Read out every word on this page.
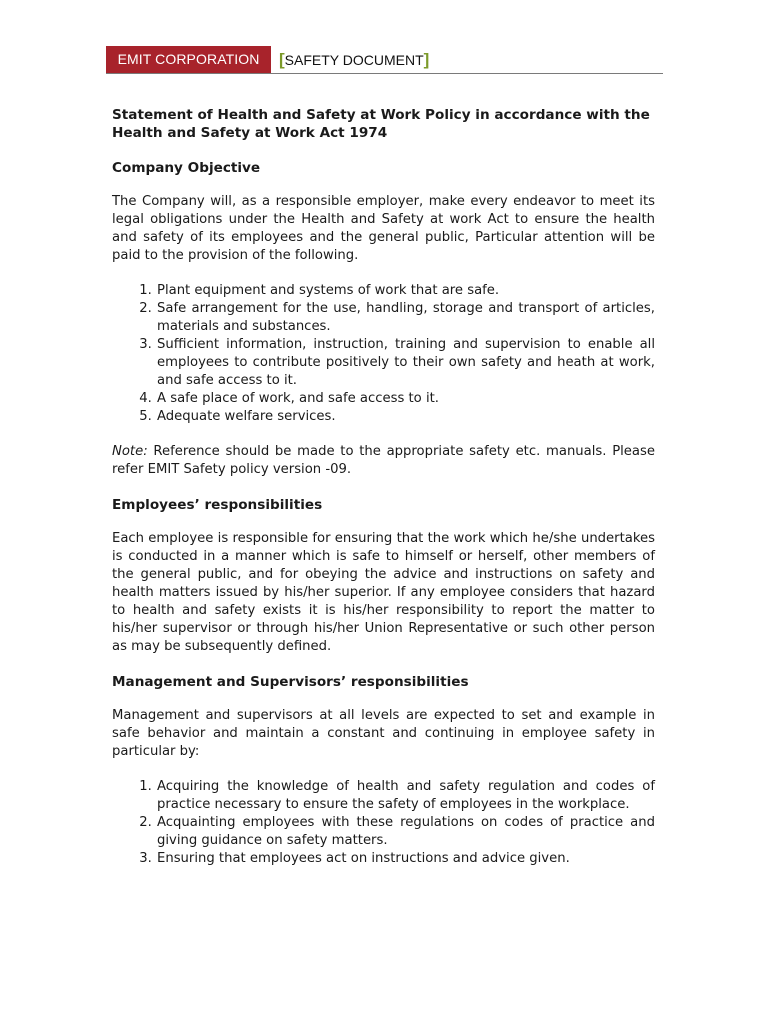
EMIT CORPORATION	[SAFETY DOCUMENT]
Statement of Health and Safety at Work Policy in accordance with the Health and Safety at Work Act 1974
Company Objective

The Company will, as a responsible employer, make every endeavor to meet its legal obligations under the Health and Safety at work Act to ensure the health and safety of its employees and the general public, Particular attention will be paid to the provision of the following.

1. Plant equipment and systems of work that are safe.
2. Safe arrangement for the use, handling, storage and transport of articles, materials and substances.
3. Sufficient information, instruction, training and supervision to enable all employees to contribute positively to their own safety and heath at work, and safe access to it.
4. A safe place of work, and safe access to it.
5. Adequate welfare services.

Note: Reference should be made to the appropriate safety etc. manuals. Please refer EMIT Safety policy version -09.

Employees’ responsibilities

Each employee is responsible for ensuring that the work which he/she undertakes is conducted in a manner which is safe to himself or herself, other members of the general public, and for obeying the advice and instructions on safety and health matters issued by his/her superior. If any employee considers that hazard to health and safety exists it is his/her responsibility to report the matter to his/her supervisor or through his/her Union Representative or such other person as may be subsequently defined.

Management and Supervisors’ responsibilities

Management and supervisors at all levels are expected to set and example in safe behavior and maintain a constant and continuing in employee safety in particular by:

1. Acquiring the knowledge of health and safety regulation and codes of practice necessary to ensure the safety of employees in the workplace.
2. Acquainting employees with these regulations on codes of practice and giving guidance on safety matters.
3. Ensuring that employees act on instructions and advice given.
